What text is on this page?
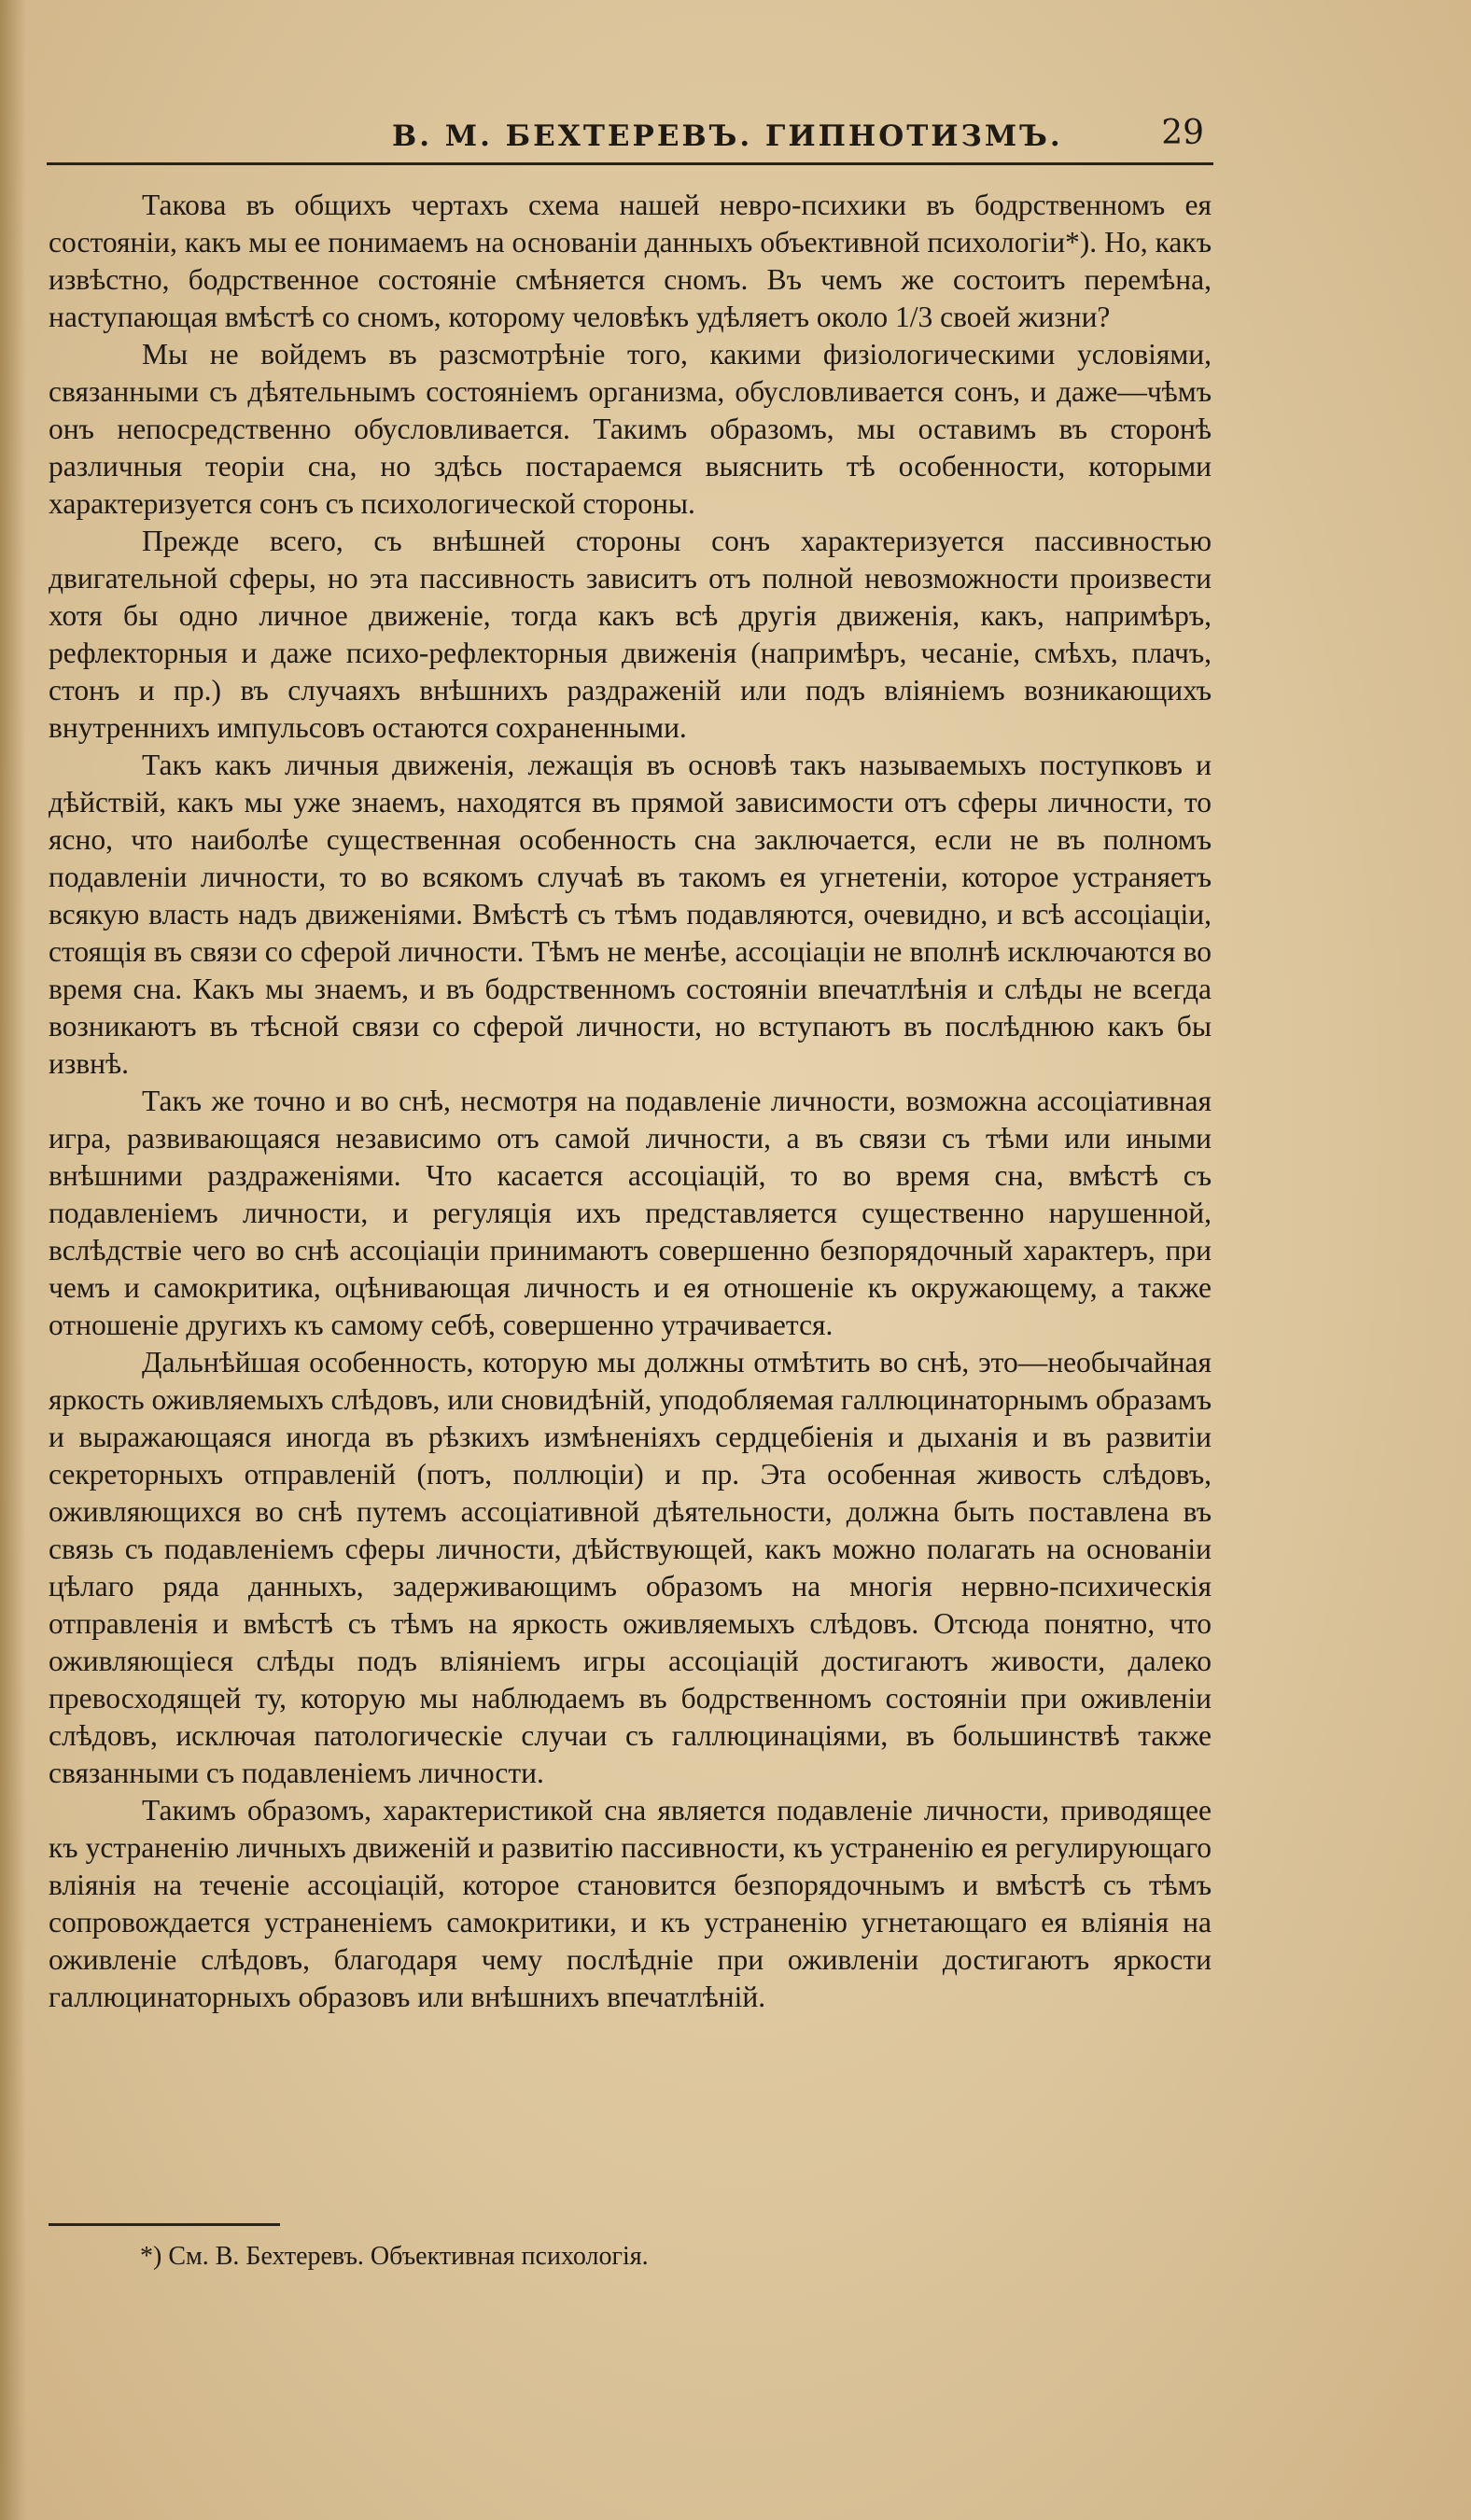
В. М. БЕХТЕРЕВЪ. ГИПНОТИЗМЪ.	29

Такова въ общихъ чертахъ схема нашей невро-психики въ бодрственномъ ея состоянiи, какъ мы ее понимаемъ на основанiи данныхъ объективной психологiи*). Но, какъ извѣстно, бодрственное состоянiе смѣняется сномъ. Въ чемъ же состоитъ перемѣна, наступающая вмѣстѣ со сномъ, которому человѣкъ удѣляетъ около 1/3 своей жизни?

Мы не войдемъ въ разсмотрѣнiе того, какими физiологическими условiями, связанными съ дѣятельнымъ состоянiемъ организма, обусловливается сонъ, и даже—чѣмъ онъ непосредственно обусловливается. Такимъ образомъ, мы оставимъ въ сторонѣ различныя теорiи сна, но здѣсь постараемся выяснить тѣ особенности, которыми характеризуется сонъ съ психологической стороны.

Прежде всего, съ внѣшней стороны сонъ характеризуется пассивностью двигательной сферы, но эта пассивность зависитъ отъ полной невозможности произвести хотя бы одно личное движенiе, тогда какъ всѣ другiя движенiя, какъ, напримѣръ, рефлекторныя и даже психо-рефлекторныя движенiя (напримѣръ, чесанiе, смѣхъ, плачъ, стонъ и пр.) въ случаяхъ внѣшнихъ раздраженiй или подъ влiянiемъ возникающихъ внутреннихъ импульсовъ остаются сохраненными.

Такъ какъ личныя движенiя, лежащiя въ основѣ такъ называемыхъ поступковъ и дѣйствiй, какъ мы уже знаемъ, находятся въ прямой зависимости отъ сферы личности, то ясно, что наиболѣе существенная особенность сна заключается, если не въ полномъ подавленiи личности, то во всякомъ случаѣ въ такомъ ея угнетенiи, которое устраняетъ всякую власть надъ движенiями. Вмѣстѣ съ тѣмъ подавляются, очевидно, и всѣ ассоцiацiи, стоящiя въ связи со сферой личности. Тѣмъ не менѣе, ассоцiацiи не вполнѣ исключаются во время сна. Какъ мы знаемъ, и въ бодрственномъ состоянiи впечатлѣнiя и слѣды не всегда возникаютъ въ тѣсной связи со сферой личности, но вступаютъ въ послѣднюю какъ бы извнѣ.

Такъ же точно и во снѣ, несмотря на подавленiе личности, возможна ассоцiативная игра, развивающаяся независимо отъ самой личности, а въ связи съ тѣми или иными внѣшними раздраженiями. Что касается ассоцiацiй, то во время сна, вмѣстѣ съ подавленiемъ личности, и регуляцiя ихъ представляется существенно нарушенной, вслѣдствiе чего во снѣ ассоцiацiи принимаютъ совершенно безпорядочный характеръ, при чемъ и самокритика, оцѣнивающая личность и ея отношенiе къ окружающему, а также отношенiе другихъ къ самому себѣ, совершенно утрачивается.

Дальнѣйшая особенность, которую мы должны отмѣтить во снѣ, это—необычайная яркость оживляемыхъ слѣдовъ, или сновидѣнiй, уподобляемая галлюцинаторнымъ образамъ и выражающаяся иногда въ рѣзкихъ измѣненiяхъ сердцебiенiя и дыханiя и въ развитiи секреторныхъ отправленiй (потъ, поллюцiи) и пр. Эта особенная живость слѣдовъ, оживляющихся во снѣ путемъ ассоцiативной дѣятельности, должна быть поставлена въ связь съ подавленiемъ сферы личности, дѣйствующей, какъ можно полагать на основанiи цѣлаго ряда данныхъ, задерживающимъ образомъ на многiя нервно-психическiя отправленiя и вмѣстѣ съ тѣмъ на яркость оживляемыхъ слѣдовъ. Отсюда понятно, что оживляющiеся слѣды подъ влiянiемъ игры ассоцiацiй достигаютъ живости, далеко превосходящей ту, которую мы наблюдаемъ въ бодрственномъ состоянiи при оживленiи слѣдовъ, исключая патологическiе случаи съ галлюцинацiями, въ большинствѣ также связанными съ подавленiемъ личности.

Такимъ образомъ, характеристикой сна является подавленiе личности, приводящее къ устраненiю личныхъ движенiй и развитiю пассивности, къ устраненiю ея регулирующаго влiянiя на теченiе ассоцiацiй, которое становится безпорядочнымъ и вмѣстѣ съ тѣмъ сопровождается устраненiемъ самокритики, и къ устраненiю угнетающаго ея влiянiя на оживленiе слѣдовъ, благодаря чему послѣднiе при оживленiи достигаютъ яркости галлюцинаторныхъ образовъ или внѣшнихъ впечатлѣнiй.

*) См. В. Бехтеревъ. Объективная психологiя.
